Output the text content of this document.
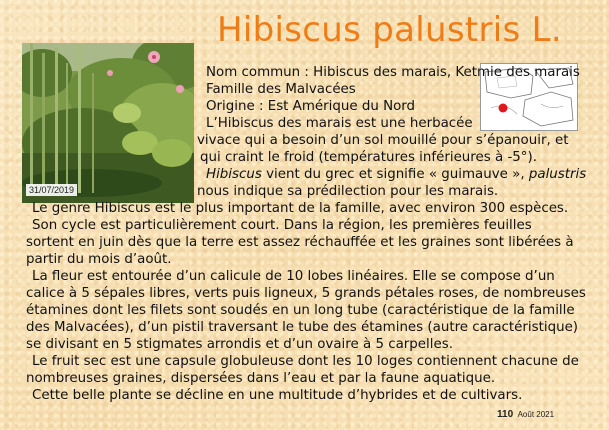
Hibiscus palustris L.
31/07/2019
Nom commun : Hibiscus des marais, Ketmie des marais
Famille des Malvacées
Origine : Est Amérique du Nord
L’Hibiscus des marais est une herbacée
vivace qui a besoin d’un sol mouillé pour s’épanouir, et
qui craint le froid (températures inférieures à -5°).
Hibiscus vient du grec et signifie « guimauve », palustris
nous indique sa prédilection pour les marais.
Le genre Hibiscus est le plus important de la famille, avec environ 300 espèces.
Son cycle est particulièrement court. Dans la région, les premières feuilles
sortent en juin dès que la terre est assez réchauffée et les graines sont libérées à
partir du mois d’août.
La fleur est entourée d’un calicule de 10 lobes linéaires. Elle se compose d’un
calice à 5 sépales libres, verts puis ligneux, 5 grands pétales roses, de nombreuses
étamines dont les filets sont soudés en un long tube (caractéristique de la famille
des Malvacées), d’un pistil traversant le tube des étamines (autre caractéristique)
se divisant en 5 stigmates arrondis et d’un ovaire à 5 carpelles.
Le fruit sec est une capsule globuleuse dont les 10 loges contiennent chacune de
nombreuses graines, dispersées dans l’eau et par la faune aquatique.
Cette belle plante se décline en une multitude d’hybrides et de cultivars.
110 Août 2021
